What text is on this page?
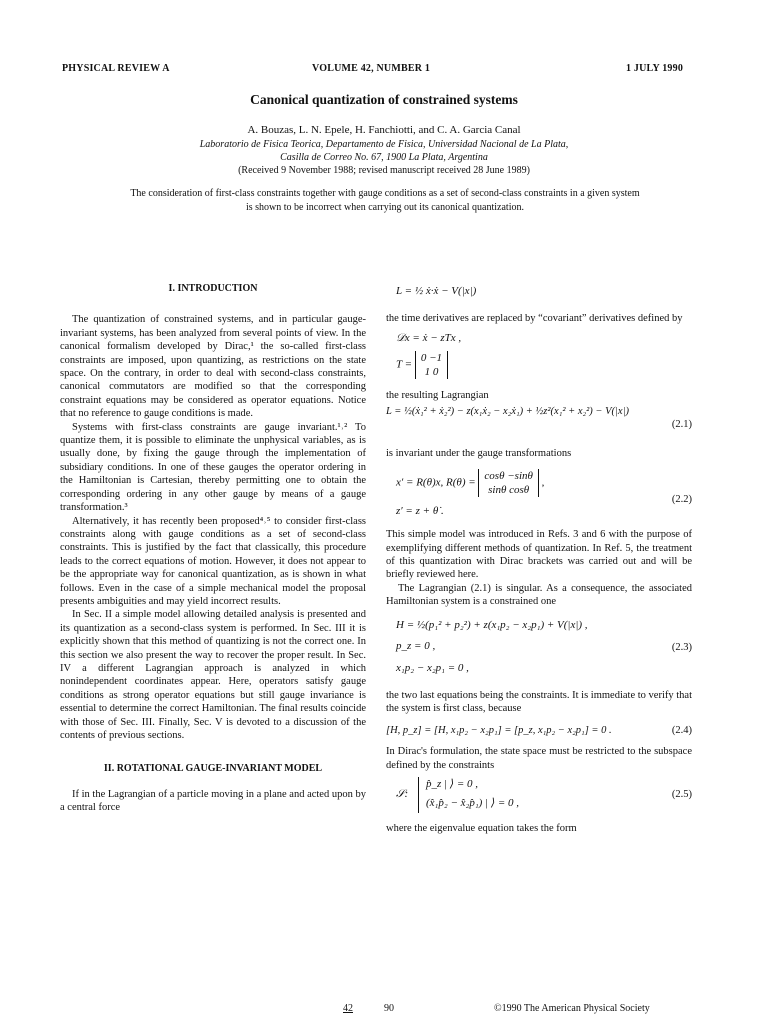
PHYSICAL REVIEW A	VOLUME 42, NUMBER 1	1 JULY 1990
Canonical quantization of constrained systems
A. Bouzas, L. N. Epele, H. Fanchiotti, and C. A. Garcia Canal
Laboratorio de Fisica Teorica, Departamento de Fisica, Universidad Nacional de La Plata,
Casilla de Correo No. 67, 1900 La Plata, Argentina
(Received 9 November 1988; revised manuscript received 28 June 1989)
The consideration of first-class constraints together with gauge conditions as a set of second-class constraints in a given system is shown to be incorrect when carrying out its canonical quantization.
I. INTRODUCTION

The quantization of constrained systems, and in particular gauge-invariant systems, has been analyzed from several points of view. In the canonical formalism developed by Dirac,¹ the so-called first-class constraints are imposed, upon quantizing, as restrictions on the state space. On the contrary, in order to deal with second-class constraints, canonical commutators are modified so that the corresponding constraint equations may be considered as operator equations. Notice that no reference to gauge conditions is made.

Systems with first-class constraints are gauge invariant.¹˒² To quantize them, it is possible to eliminate the unphysical variables, as is usually done, by fixing the gauge through the implementation of subsidiary conditions. In one of these gauges the operator ordering in the Hamiltonian is Cartesian, thereby permitting one to obtain the corresponding ordering in any other gauge by means of a gauge transformation.³

Alternatively, it has recently been proposed⁴˒⁵ to consider first-class constraints along with gauge conditions as a set of second-class constraints. This is justified by the fact that classically, this procedure leads to the correct equations of motion. However, it does not appear to be the appropriate way for canonical quantization, as is shown in what follows. Even in the case of a simple mechanical model the proposal presents ambiguities and may yield incorrect results.

In Sec. II a simple model allowing detailed analysis is presented and its quantization as a second-class system is performed. In Sec. III it is explicitly shown that this method of quantizing is not the correct one. In this section we also present the way to recover the proper result. In Sec. IV a different Lagrangian approach is analyzed in which nonindependent coordinates appear. Here, operators satisfy gauge conditions as strong operator equations but still gauge invariance is essential to determine the correct Hamiltonian. The final results coincide with those of Sec. III. Finally, Sec. V is devoted to a discussion of the contents of previous sections.

II. ROTATIONAL GAUGE-INVARIANT MODEL

If in the Lagrangian of a particle moving in a plane and acted upon by a central force

L = ½ ẋ·ẋ − V(|x|)
the time derivatives are replaced by “covariant” derivatives defined by
𝒟x = ẋ − zTx ,
T =
0 −1
1 0
the resulting Lagrangian
L = ½(ẋ₁² + ẋ₂²) − z(x₁ẋ₂ − x₂ẋ₁) + ½z²(x₁² + x₂²) − V(|x|)
(2.1)
is invariant under the gauge transformations
x′ = R(θ)x, R(θ) =
cosθ −sinθ
sinθ cosθ
,
z′ = z + θ̇ .
(2.2)
This simple model was introduced in Refs. 3 and 6 with the purpose of exemplifying different methods of quantization. In Ref. 5, the treatment of this quantization with Dirac brackets was carried out and will be briefly reviewed here.

The Lagrangian (2.1) is singular. As a consequence, the associated Hamiltonian system is a constrained one

H = ½(p₁² + p₂²) + z(x₁p₂ − x₂p₁) + V(|x|) ,
p_z = 0 ,
x₁p₂ − x₂p₁ = 0 ,
(2.3)
the two last equations being the constraints. It is immediate to verify that the system is first class, because
[H, p_z] = [H, x₁p₂ − x₂p₁] = [p_z, x₁p₂ − x₂p₁] = 0 .	(2.4)
In Dirac's formulation, the state space must be restricted to the subspace defined by the constraints
𝒮:
p̂_z | ⟩ = 0 ,
(x̂₁p̂₂ − x̂₂p̂₁) | ⟩ = 0 ,
(2.5)
where the eigenvalue equation takes the form
42	90	©1990 The American Physical Society
